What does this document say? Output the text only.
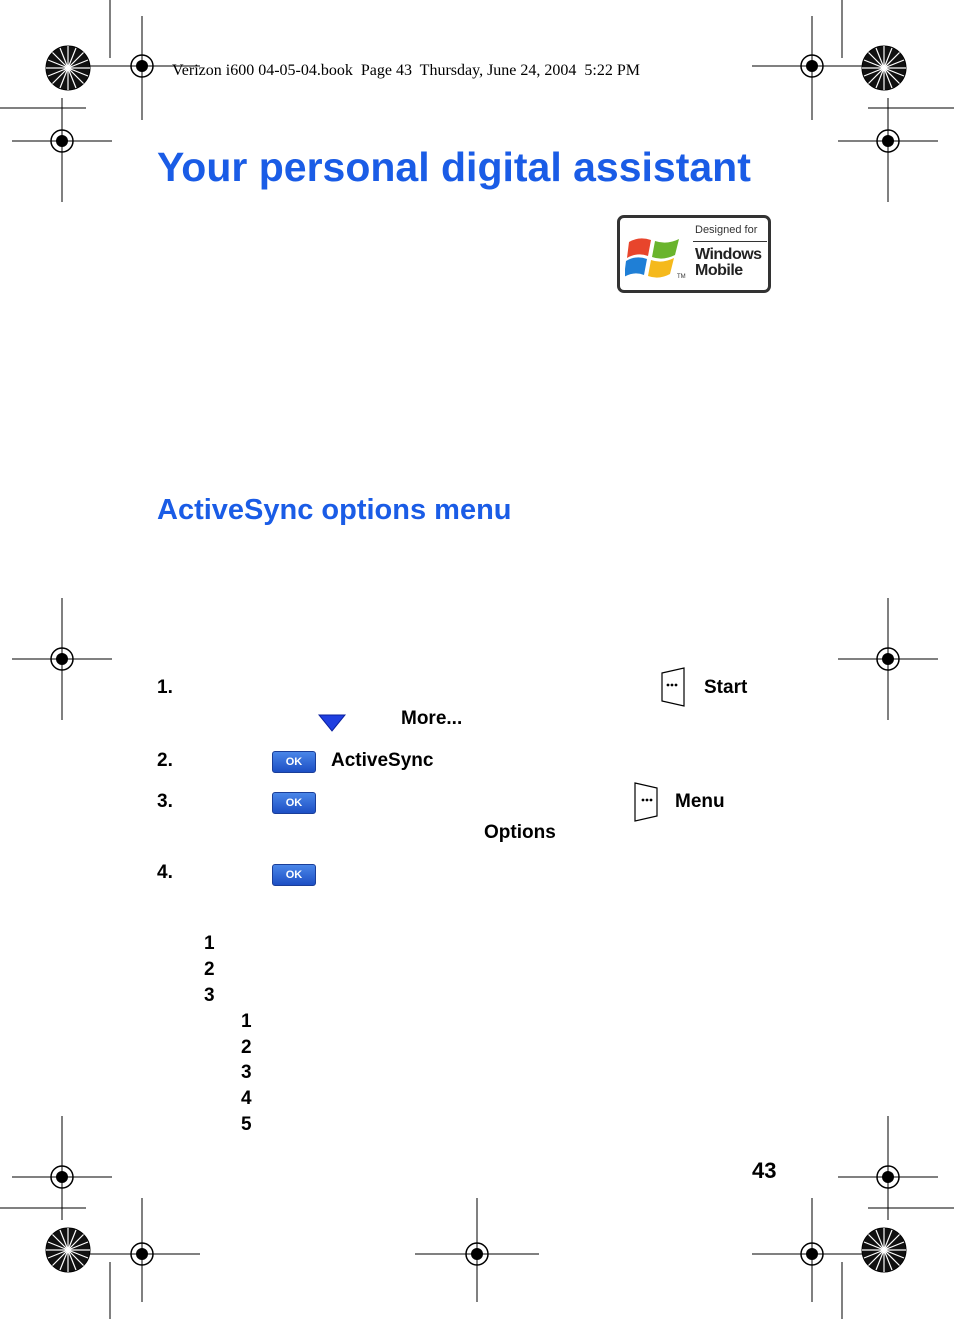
Verizon i600 04-05-04.book  Page 43  Thursday, June 24, 2004  5:22 PM
Your personal digital assistant
Designed for
Windows
Mobile
TM
ActiveSync options menu
1.	Start
More...
2.	OK	ActiveSync
3.	OK	Menu
Options
4.	OK
1
2
3
1
2
3
4
5
43
